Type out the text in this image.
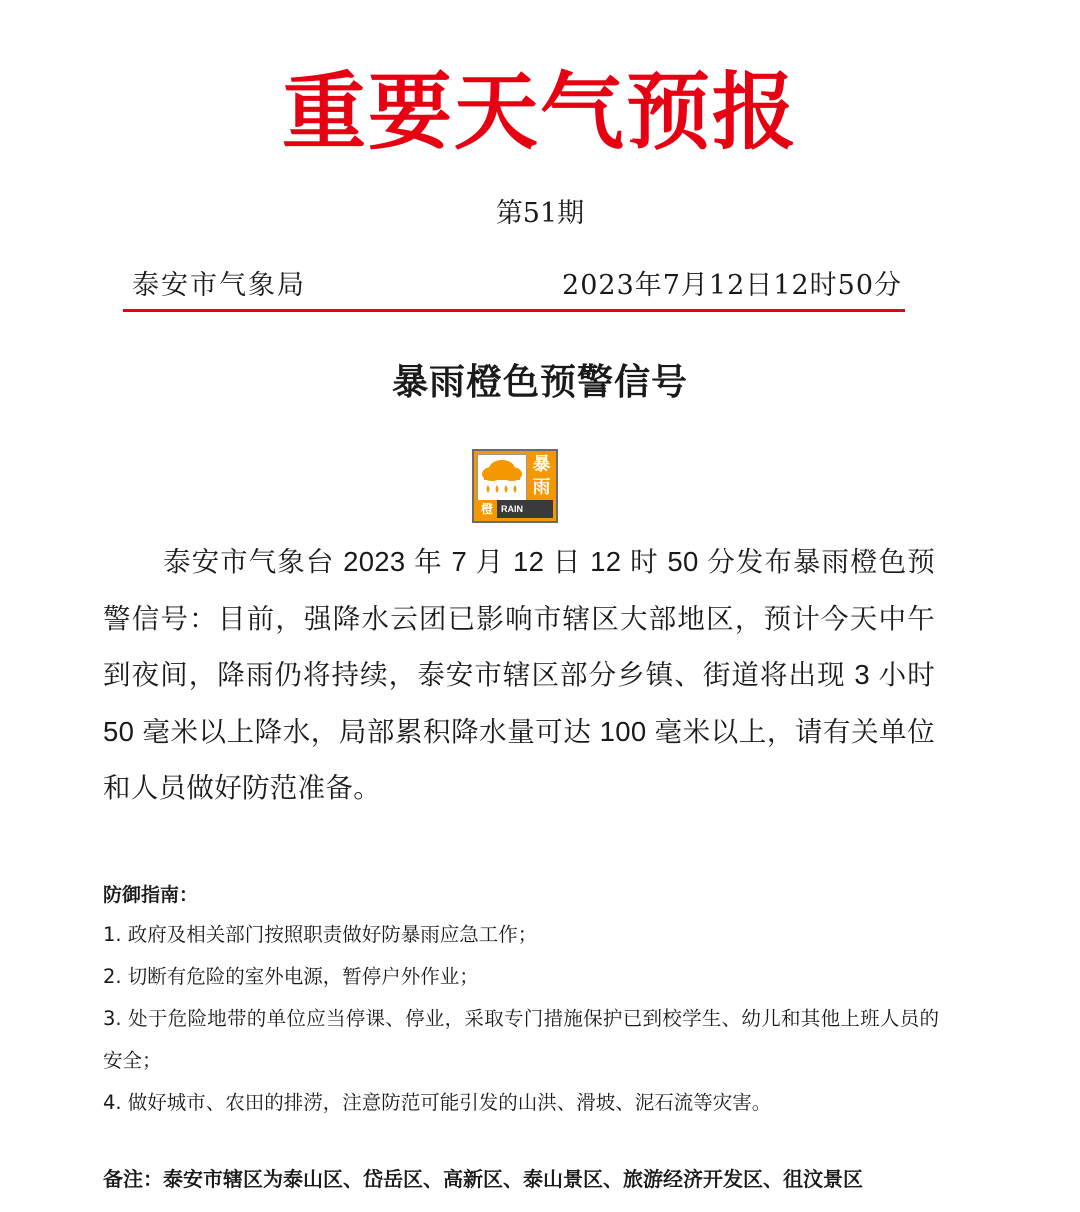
重要天气预报
第51期
泰安市气象局	2023年7月12日12时50分
暴雨橙色预警信号
暴
雨
橙 RAIN STORM

泰安市气象台 2023 年 7 月 12 日 12 时 50 分发布暴雨橙色预警信号：目前，强降水云团已影响市辖区大部地区，预计今天中午到夜间，降雨仍将持续，泰安市辖区部分乡镇、街道将出现 3 小时 50 毫米以上降水，局部累积降水量可达 100 毫米以上，请有关单位和人员做好防范准备。

防御指南：
1. 政府及相关部门按照职责做好防暴雨应急工作；
2. 切断有危险的室外电源，暂停户外作业；
3. 处于危险地带的单位应当停课、停业，采取专门措施保护已到校学生、幼儿和其他上班人员的安全；
4. 做好城市、农田的排涝，注意防范可能引发的山洪、滑坡、泥石流等灾害。

备注：泰安市辖区为泰山区、岱岳区、高新区、泰山景区、旅游经济开发区、徂汶景区
